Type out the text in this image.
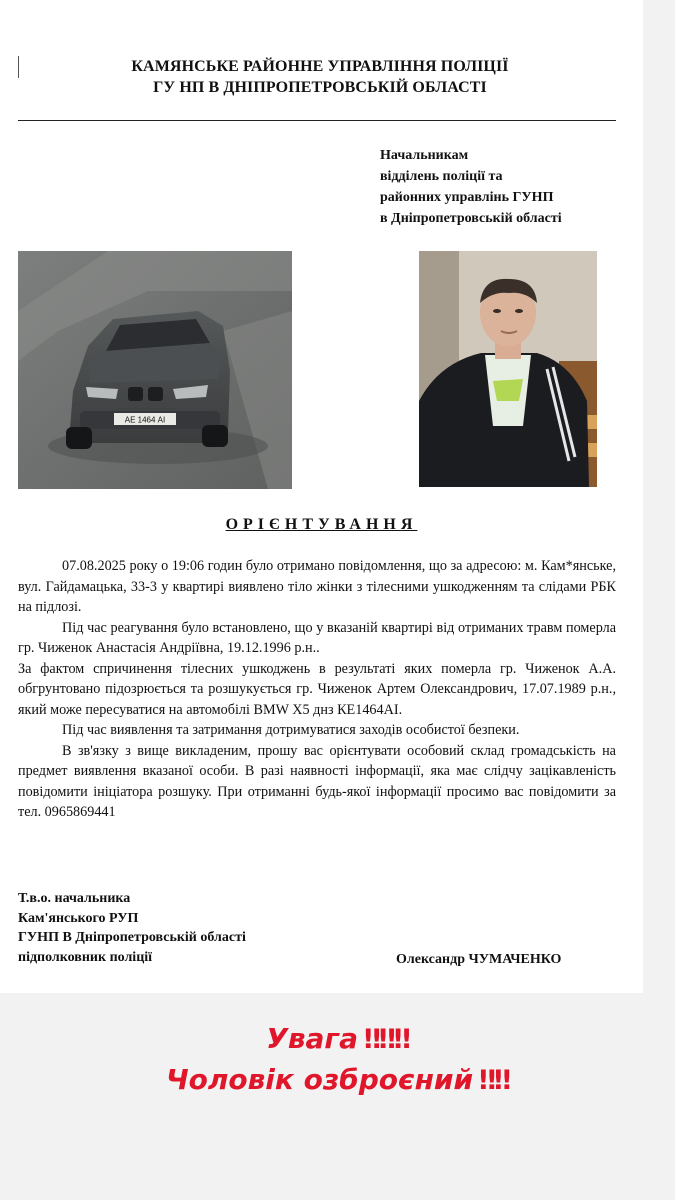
КАМЯНСЬКЕ РАЙОННЕ УПРАВЛІННЯ ПОЛІЦІЇ
ГУ НП В ДНІПРОПЕТРОВСЬКІЙ ОБЛАСТІ
Начальникам
відділень поліції та
районних управлінь ГУНП
в Дніпропетровській області
АЕ 1464 АІ
ОРІЄНТУВАННЯ

07.08.2025 року о 19:06 годин було отримано повідомлення, що за адресою: м. Кам*янське, вул. Гайдамацька, 33-3 у квартирі виявлено тіло жінки з тілесними ушкодженням та слідами РБК на підлозі.

Під час реагування було встановлено, що у вказаній квартирі від отриманих травм померла гр. Чиженок Анастасія Андріївна, 19.12.1996 р.н..

За фактом спричинення тілесних ушкоджень в результаті яких померла гр. Чиженок А.А. обгрунтовано підозрюється та розшукується гр. Чиженок Артем Олександрович, 17.07.1989 р.н., який може пересуватися на автомобілі BMW X5 днз КЕ1464АІ.

Під час виявлення та затримання дотримуватися заходів особистої безпеки.

В зв'язку з вище викладеним, прошу вас орієнтувати особовий склад громадськість на предмет виявлення вказаної особи. В разі наявності інформації, яка має слідчу зацікавленість повідомити ініціатора розшуку. При отриманні будь-якої інформації просимо вас повідомити за тел. 0965869441

Т.в.о. начальника
Кам'янського РУП
ГУНП В Дніпропетровській області
підполковник поліції	Олександр ЧУМАЧЕНКО
Увага ‼‼‼
Чоловік озброєний ‼‼
